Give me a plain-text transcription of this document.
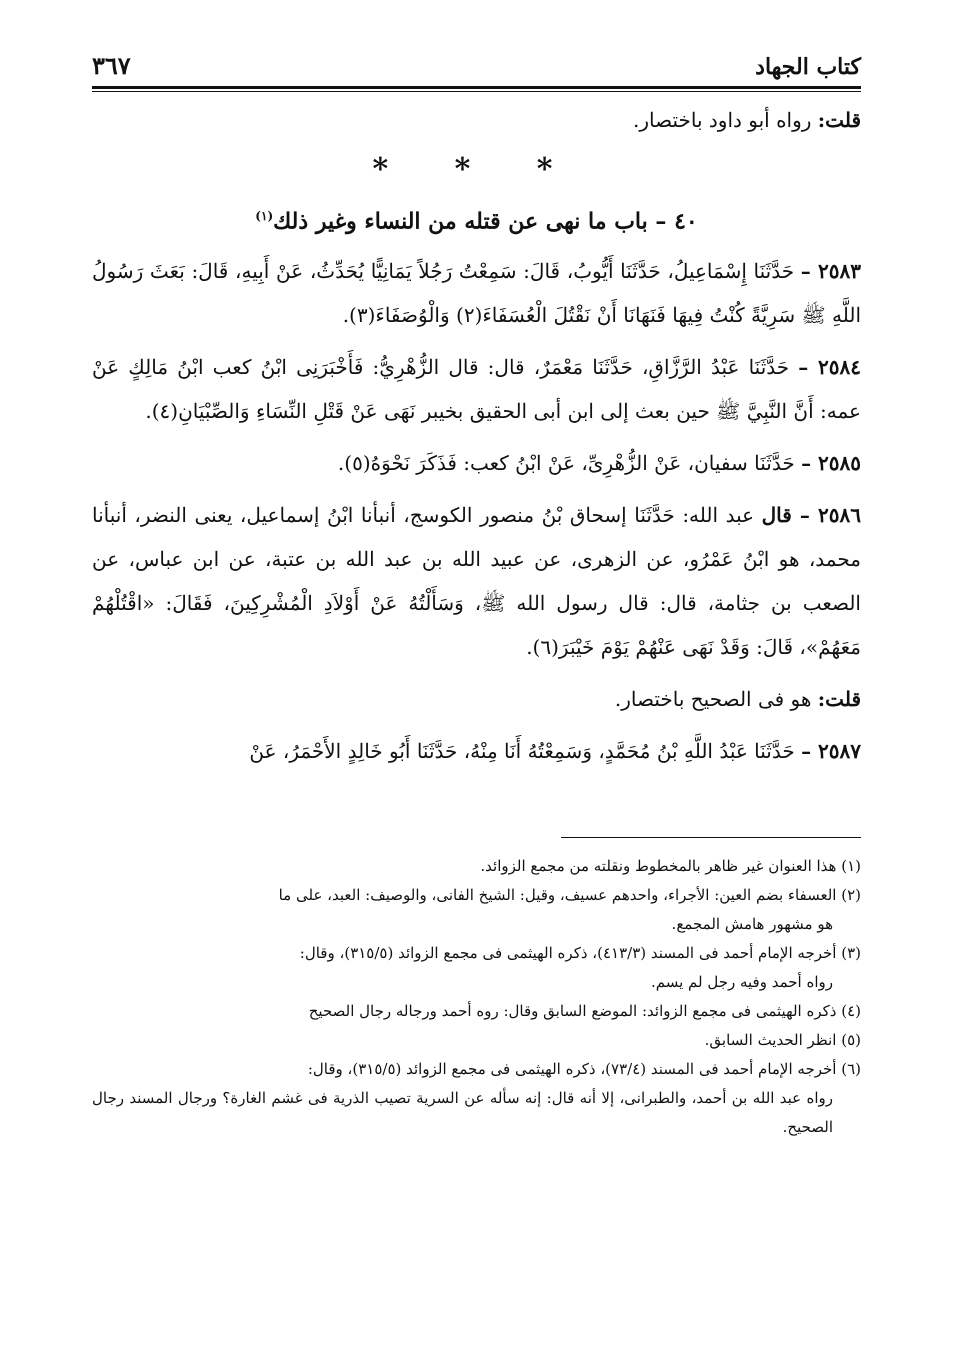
كتاب الجهاد
٣٦٧

قلت: رواه أبو داود باختصار.

* * *
٤٠ – باب ما نهى عن قتله من النساء وغير ذلك$^{(١)}$

٢٥٨٣ – حَدَّثَنَا إِسْمَاعِيلُ، حَدَّثَنَا أَيُّوبُ، قَالَ: سَمِعْتُ رَجُلاً يَمَانِيًّا يُحَدِّثُ، عَنْ أَبِيهِ، قَالَ: بَعَثَ رَسُولُ اللَّهِ ﷺ سَرِيَّةً كُنْتُ فِيهَا فَنَهَانَا أَنْ نَقْتُلَ الْعُسَفَاءَ(٢) وَالْوُصَفَاءَ(٣).

٢٥٨٤ – حَدَّثَنَا عَبْدُ الرَّزَّاقِ، حَدَّثَنَا مَعْمَرٌ، قال: قال الزُّهْرِيُّ: فَأَخْبَرَنِى ابْنُ كعب ابْنُ مَالِكٍ عَنْ عمه: أَنَّ النَّبِيَّ ﷺ حين بعث إلى ابن أبى الحقيق بخيبر نَهَى عَنْ قَتْلِ النِّسَاءِ وَالصِّبْيَانِ(٤).

٢٥٨٥ – حَدَّثَنَا سفيان، عَنْ الزُّهْرِىِّ، عَنْ ابْنُ كعب: فَذَكَرَ نَحْوَهُ(٥).

٢٥٨٦ – قال عبد الله: حَدَّثَنَا إسحاق بْنُ منصور الكوسج، أنبأنا ابْنُ إسماعيل، يعنى النضر، أنبأنا محمد، هو ابْنُ عَمْرُو، عن الزهرى، عن عبيد الله بن عبد الله بن عتبة، عن ابن عباس، عن الصعب بن جثامة، قال: قال رسول الله ﷺ، وَسَأَلْتُهُ عَنْ أَوْلاَدِ الْمُشْرِكِينَ، فَقَالَ: «اقْتُلْهُمْ مَعَهُمْ»، قَالَ: وَقَدْ نَهَى عَنْهُمْ يَوْمَ خَيْبَرَ(٦).

قلت: هو فى الصحيح باختصار.

٢٥٨٧ – حَدَّثَنَا عَبْدُ اللَّهِ بْنُ مُحَمَّدٍ، وَسَمِعْتُهُ أَنَا مِنْهُ، حَدَّثَنَا أَبُو خَالِدٍ الأَحْمَرُ، عَنْ

(١) هذا العنوان غير ظاهر بالمخطوط ونقلته من مجمع الزوائد.

(٢) العسفاء بضم العين: الأجراء، واحدهم عسيف، وقيل: الشيخ الفانى، والوصيف: العبد، على ما
هو مشهور هامش المجمع.

(٣) أخرجه الإمام أحمد فى المسند (٤١٣/٣)، ذكره الهيثمى فى مجمع الزوائد (٣١٥/٥)، وقال:
رواه أحمد وفيه رجل لم يسم.

(٤) ذكره الهيثمى فى مجمع الزوائد: الموضع السابق وقال: روه أحمد ورجاله رجال الصحيح

(٥) انظر الحديث السابق.

(٦) أخرجه الإمام أحمد فى المسند (٧٣/٤)، ذكره الهيثمى فى مجمع الزوائد (٣١٥/٥)، وقال:
رواه عبد الله بن أحمد، والطبرانى، إلا أنه قال: إنه سأله عن السرية تصيب الذرية فى غشم الغارة؟ ورجال المسند رجال الصحيح.
